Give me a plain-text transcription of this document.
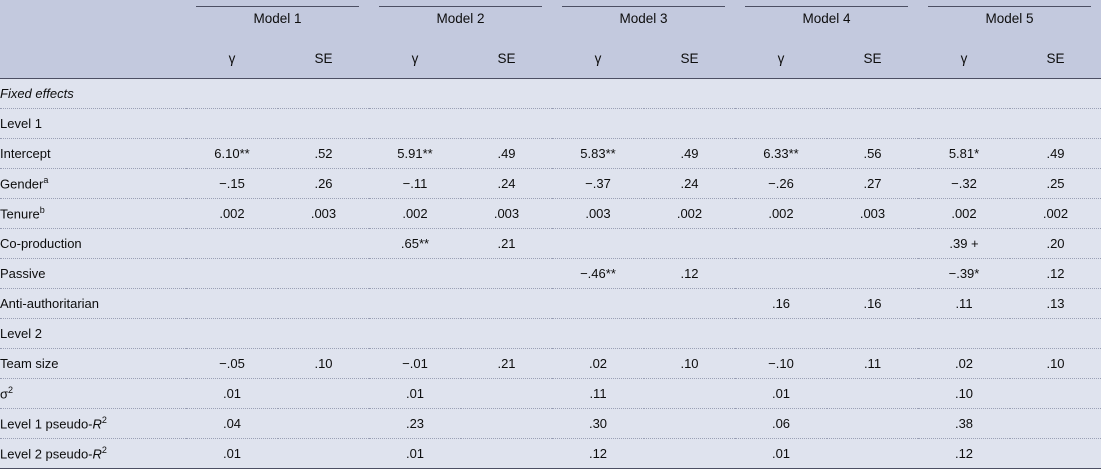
	Model 1		Model 2		Model 3		Model 4		Model 5	

	γ	SE	γ	SE	γ	SE	γ	SE	γ	SE
Fixed effects										
Level 1										
Intercept	6.10**	.52	5.91**	.49	5.83**	.49	6.33**	.56	5.81*	.49
Gender$^a$	−.15	.26	−.11	.24	−.37	.24	−.26	.27	−.32	.25
Tenure$^b$	.002	.003	.002	.003	.003	.002	.002	.003	.002	.002
Co-production			.65**	.21					.39 +	.20
Passive					−.46**	.12			−.39*	.12
Anti-authoritarian							.16	.16	.11	.13
Level 2										
Team size	−.05	.10	−.01	.21	.02	.10	−.10	.11	.02	.10
$\sigma^2$	.01		.01		.11		.01		.10	
Level 1 pseudo-$R^2$	.04		.23		.30		.06		.38	
Level 2 pseudo-$R^2$	.01		.01		.12		.01		.12	
